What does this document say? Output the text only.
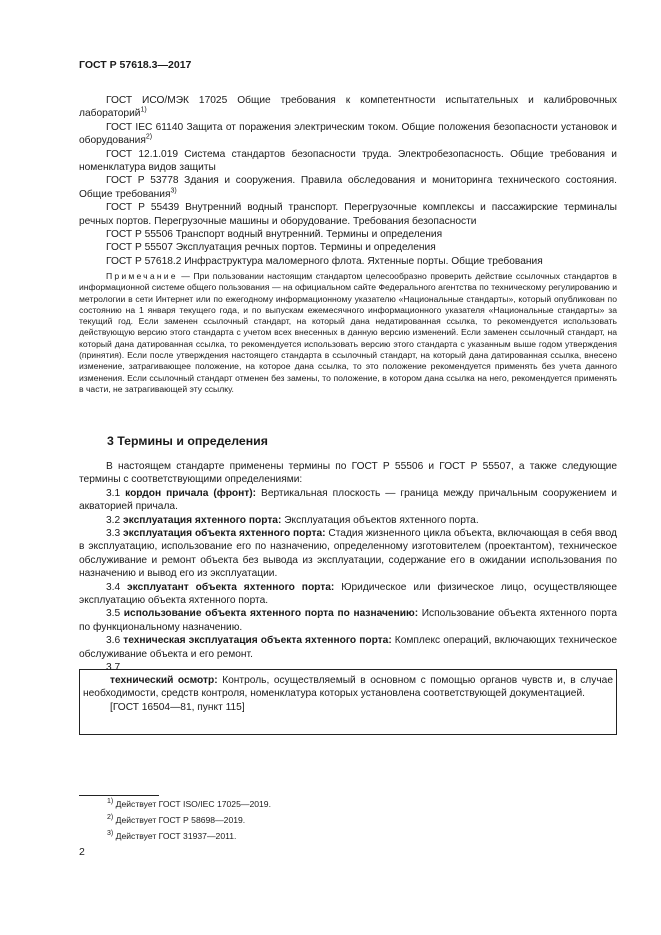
ГОСТ Р 57618.3—2017

ГОСТ ИСО/МЭК 17025 Общие требования к компетентности испытательных и калибровочных лабораторий$^{1)}$

ГОСТ IEC 61140 Защита от поражения электрическим током. Общие положения безопасности установок и оборудования$^{2)}$

ГОСТ 12.1.019 Система стандартов безопасности труда. Электробезопасность. Общие требования и номенклатура видов защиты

ГОСТ Р 53778 Здания и сооружения. Правила обследования и мониторинга технического состояния. Общие требования$^{3)}$

ГОСТ Р 55439 Внутренний водный транспорт. Перегрузочные комплексы и пассажирские терминалы речных портов. Перегрузочные машины и оборудование. Требования безопасности

ГОСТ Р 55506 Транспорт водный внутренний. Термины и определения

ГОСТ Р 55507 Эксплуатация речных портов. Термины и определения

ГОСТ Р 57618.2 Инфраструктура маломерного флота. Яхтенные порты. Общие требования

Примечание — При пользовании настоящим стандартом целесообразно проверить действие ссылочных стандартов в информационной системе общего пользования — на официальном сайте Федерального агентства по техническому регулированию и метрологии в сети Интернет или по ежегодному информационному указателю «Национальные стандарты», который опубликован по состоянию на 1 января текущего года, и по выпускам ежемесячного информационного указателя «Национальные стандарты» за текущий год. Если заменен ссылочный стандарт, на который дана недатированная ссылка, то рекомендуется использовать действующую версию этого стандарта с учетом всех внесенных в данную версию изменений. Если заменен ссылочный стандарт, на который дана датированная ссылка, то рекомендуется использовать версию этого стандарта с указанным выше годом утверждения (принятия). Если после утверждения настоящего стандарта в ссылочный стандарт, на который дана датированная ссылка, внесено изменение, затрагивающее положение, на которое дана ссылка, то это положение рекомендуется применять без учета данного изменения. Если ссылочный стандарт отменен без замены, то положение, в котором дана ссылка на него, рекомендуется применять в части, не затрагивающей эту ссылку.

3 Термины и определения

В настоящем стандарте применены термины по ГОСТ Р 55506 и ГОСТ Р 55507, а также следующие термины с соответствующими определениями:

3.1 кордон причала (фронт): Вертикальная плоскость — граница между причальным сооружением и акваторией причала.

3.2 эксплуатация яхтенного порта: Эксплуатация объектов яхтенного порта.

3.3 эксплуатация объекта яхтенного порта: Стадия жизненного цикла объекта, включающая в себя ввод в эксплуатацию, использование его по назначению, определенному изготовителем (проектантом), техническое обслуживание и ремонт объекта без вывода из эксплуатации, содержание его в ожидании использования по назначению и вывод его из эксплуатации.

3.4 эксплуатант объекта яхтенного порта: Юридическое или физическое лицо, осуществляющее эксплуатацию объекта яхтенного порта.

3.5 использование объекта яхтенного порта по назначению: Использование объекта яхтенного порта по функциональному назначению.

3.6 техническая эксплуатация объекта яхтенного порта: Комплекс операций, включающих техническое обслуживание объекта и его ремонт.

3.7

технический осмотр: Контроль, осуществляемый в основном с помощью органов чувств и, в случае необходимости, средств контроля, номенклатура которых установлена соответствующей документацией.

[ГОСТ 16504—81, пункт 115]

$^{1)}$ Действует ГОСТ ISO/IEC 17025—2019.
$^{2)}$ Действует ГОСТ Р 58698—2019.
$^{3)}$ Действует ГОСТ 31937—2011.
2
